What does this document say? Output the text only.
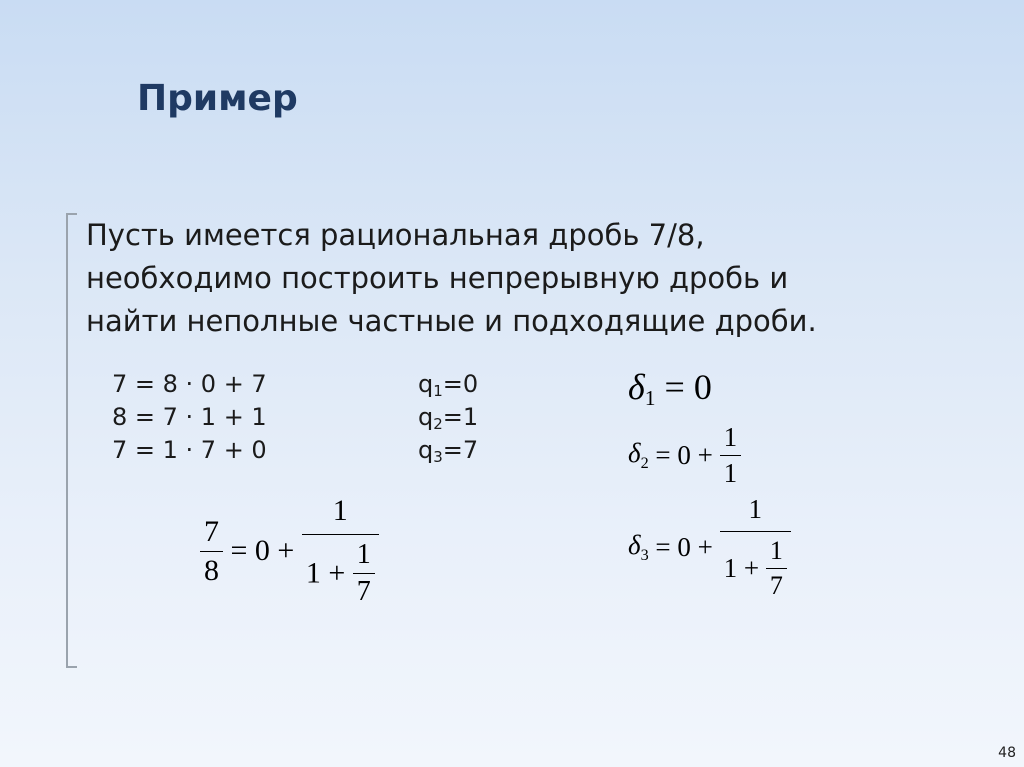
Пример
Пусть имеется рациональная дробь 7/8,
необходимо построить непрерывную дробь и
найти неполные частные и подходящие дроби.
7 = 8 · 0 + 7
8 = 7 · 1 + 1
7 = 1 · 7 + 0
$q_1=0$
$q_2=1$
$q_3=7$
$\frac{7}{8} = 0 + \frac{1}{1 + \frac{1}{7}}$
$\delta_1 = 0$
$\delta_2 = 0 + \frac{1}{1}$
$\delta_3 = 0 + \frac{1}{1 + \frac{1}{7}}$
48
